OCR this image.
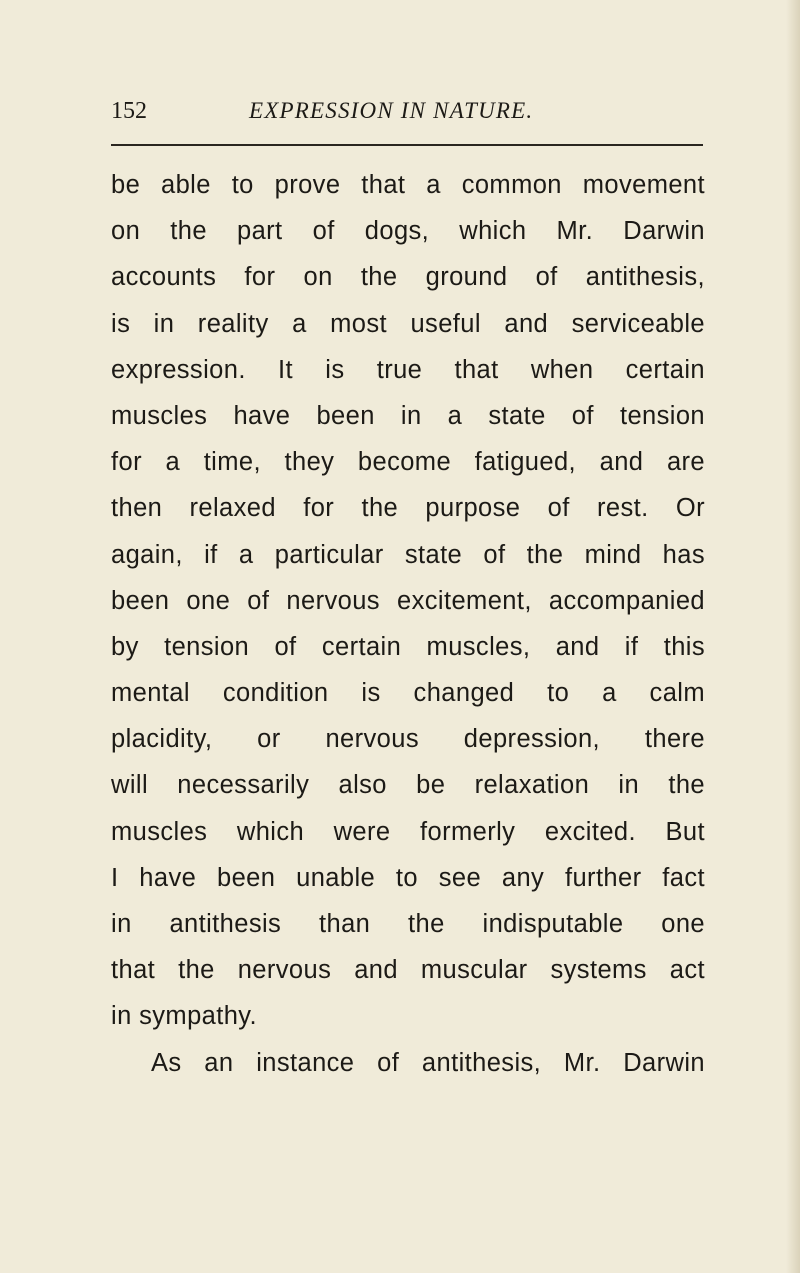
152	EXPRESSION IN NATURE.
be able to prove that a common movement
on the part of dogs, which Mr. Darwin
accounts for on the ground of antithesis,
is in reality a most useful and serviceable
expression. It is true that when certain
muscles have been in a state of tension
for a time, they become fatigued, and are
then relaxed for the purpose of rest. Or
again, if a particular state of the mind has
been one of nervous excitement, accompanied
by tension of certain muscles, and if this
mental condition is changed to a calm
placidity, or nervous depression, there
will necessarily also be relaxation in the
muscles which were formerly excited. But
I have been unable to see any further fact
in antithesis than the indisputable one
that the nervous and muscular systems act
in sympathy.
As an instance of antithesis, Mr. Darwin
